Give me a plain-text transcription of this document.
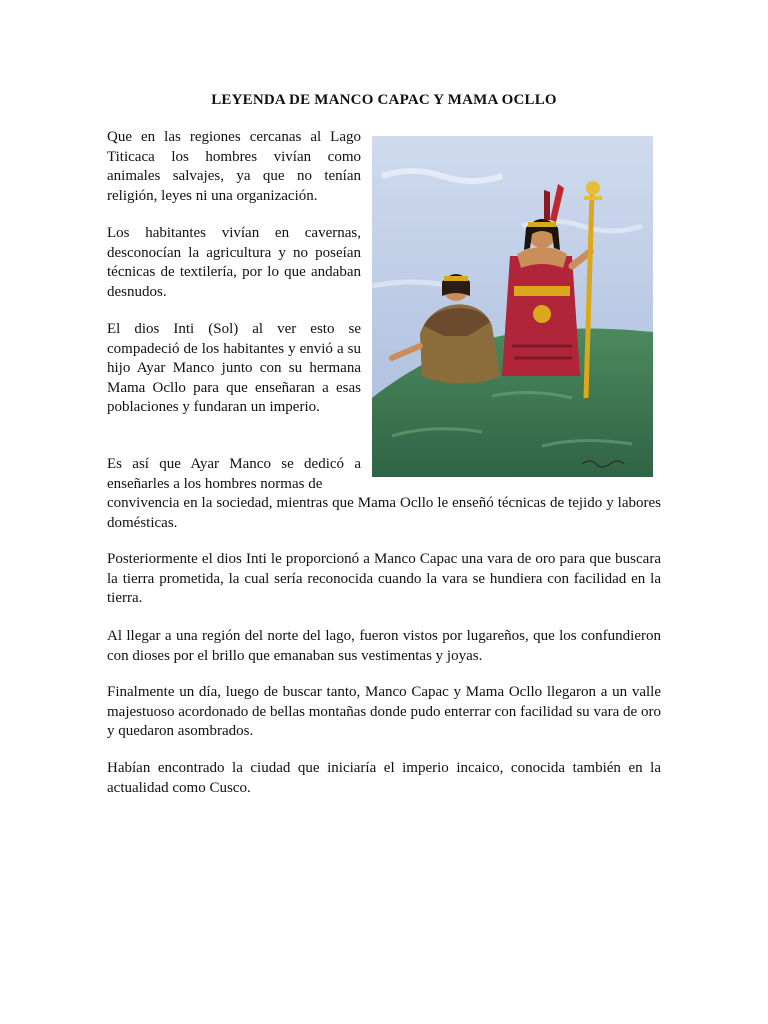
LEYENDA DE MANCO CAPAC Y MAMA OCLLO

Que en las regiones cercanas al Lago Titicaca los hombres vivían como animales salvajes, ya que no tenían religión, leyes ni una organización.

Los habitantes vivían en cavernas, desconocían la agricultura y no poseían técnicas de textilería, por lo que andaban desnudos.

El dios Inti (Sol) al ver esto se compadeció de los habitantes y envió a su hijo Ayar Manco junto con su hermana Mama Ocllo para que enseñaran a esas poblaciones y fundaran un imperio.

Es así que Ayar Manco se dedicó a enseñarles a los hombres normas de

convivencia en la sociedad, mientras que Mama Ocllo le enseñó técnicas de tejido y labores domésticas.

Posteriormente el dios Inti le proporcionó a Manco Capac una vara de oro para que buscara la tierra prometida, la cual sería reconocida cuando la vara se hundiera con facilidad en la tierra.

Al llegar a una región del norte del lago, fueron vistos por lugareños, que los confundieron con dioses por el brillo que emanaban sus vestimentas y joyas.

Finalmente un día, luego de buscar tanto, Manco Capac y Mama Ocllo llegaron a un valle majestuoso acordonado de bellas montañas donde pudo enterrar con facilidad su vara de oro y quedaron asombrados.

Habían encontrado la ciudad que iniciaría el imperio incaico, conocida también en la actualidad como Cusco.
